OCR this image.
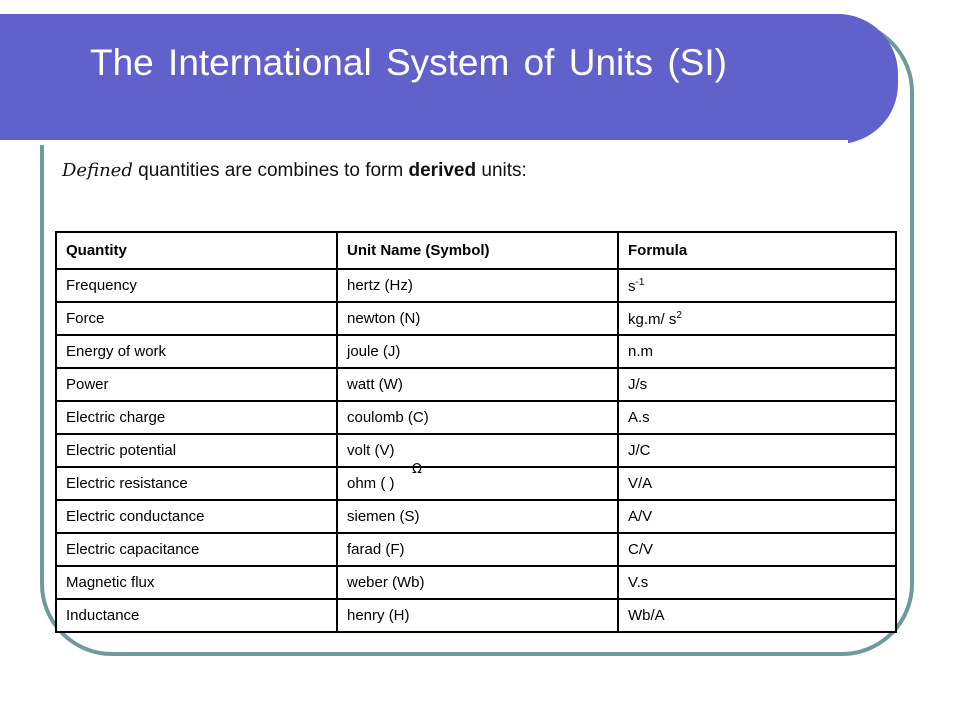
The International System of Units (SI)
Defined quantities are combines to form derived units:
Quantity	Unit Name (Symbol)	Formula
Frequency	hertz (Hz)	$s^{-1}$
Force	newton (N)	kg.m/ $s^2$
Energy of work	joule (J)	n.m
Power	watt (W)	J/s
Electric charge	coulomb (C)	A.s
Electric potential	volt (V)	J/C
Electric resistance	ohm ( )	V/A
Electric conductance	siemen (S)	A/V
Electric capacitance	farad (F)	C/V
Magnetic flux	weber (Wb)	V.s
Inductance	henry (H)	Wb/A
Ω
